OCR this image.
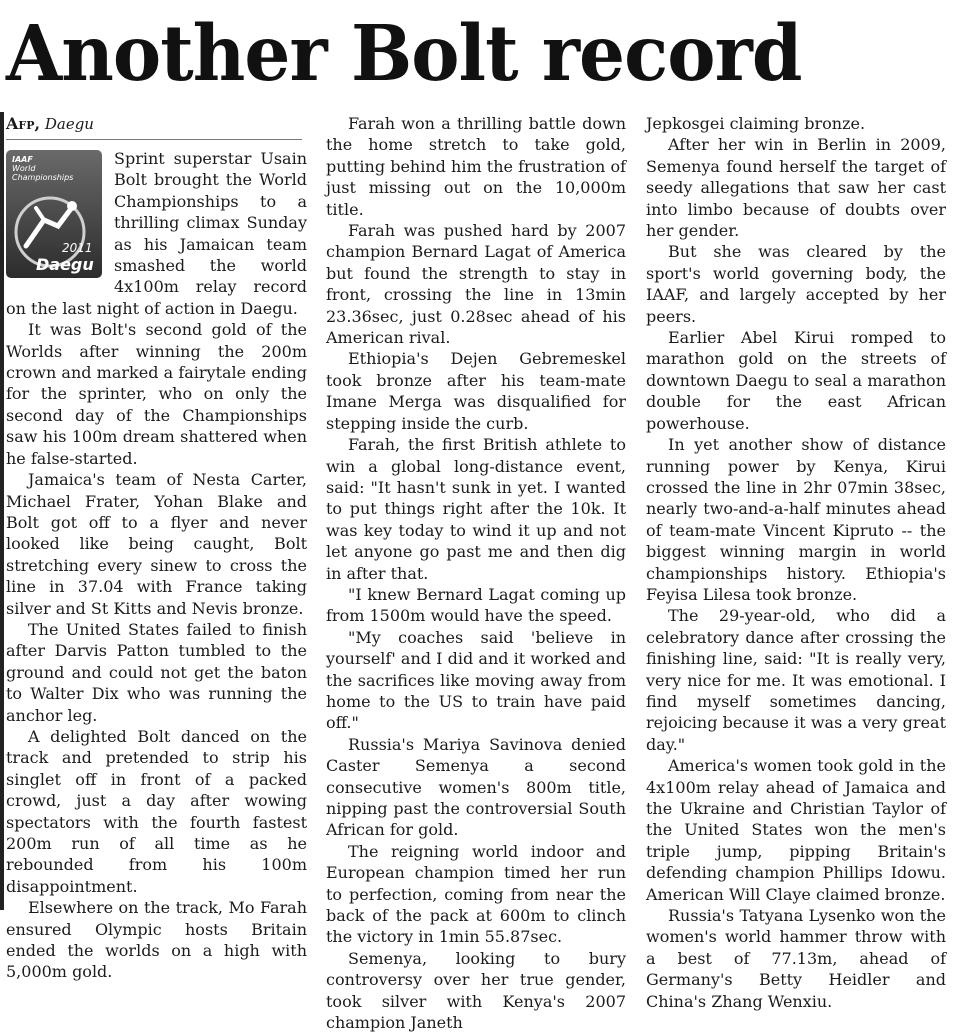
Another Bolt record
Afp, Daegu
IAAF
World
Championships
2011
Daegu

Sprint superstar Usain Bolt brought the World Championships to a thrilling climax Sunday as his Jamaican team smashed the world 4x100m relay record on the last night of action in Daegu.

It was Bolt's second gold of the Worlds after winning the 200m crown and marked a fairytale ending for the sprinter, who on only the second day of the Championships saw his 100m dream shattered when he false-started.

Jamaica's team of Nesta Carter, Michael Frater, Yohan Blake and Bolt got off to a flyer and never looked like being caught, Bolt stretching every sinew to cross the line in 37.04 with France taking silver and St Kitts and Nevis bronze.

The United States failed to finish after Darvis Patton tumbled to the ground and could not get the baton to Walter Dix who was running the anchor leg.

A delighted Bolt danced on the track and pretended to strip his singlet off in front of a packed crowd, just a day after wowing spectators with the fourth fastest 200m run of all time as he rebounded from his 100m disappointment.

Elsewhere on the track, Mo Farah ensured Olympic hosts Britain ended the worlds on a high with 5,000m gold.

Farah won a thrilling battle down the home stretch to take gold, putting behind him the frustration of just missing out on the 10,000m title.

Farah was pushed hard by 2007 champion Bernard Lagat of America but found the strength to stay in front, crossing the line in 13min 23.36sec, just 0.28sec ahead of his American rival.

Ethiopia's Dejen Gebremeskel took bronze after his team-mate Imane Merga was disqualified for stepping inside the curb.

Farah, the first British athlete to win a global long-distance event, said: "It hasn't sunk in yet. I wanted to put things right after the 10k. It was key today to wind it up and not let anyone go past me and then dig in after that.

"I knew Bernard Lagat coming up from 1500m would have the speed.

"My coaches said 'believe in yourself' and I did and it worked and the sacrifices like moving away from home to the US to train have paid off."

Russia's Mariya Savinova denied Caster Semenya a second consecutive women's 800m title, nipping past the controversial South African for gold.

The reigning world indoor and European champion timed her run to perfection, coming from near the back of the pack at 600m to clinch the victory in 1min 55.87sec.

Semenya, looking to bury controversy over her true gender, took silver with Kenya's 2007 champion Janeth

Jepkosgei claiming bronze.

After her win in Berlin in 2009, Semenya found herself the target of seedy allegations that saw her cast into limbo because of doubts over her gender.

But she was cleared by the sport's world governing body, the IAAF, and largely accepted by her peers.

Earlier Abel Kirui romped to marathon gold on the streets of downtown Daegu to seal a marathon double for the east African powerhouse.

In yet another show of distance running power by Kenya, Kirui crossed the line in 2hr 07min 38sec, nearly two-and-a-half minutes ahead of team-mate Vincent Kipruto -- the biggest winning margin in world championships history. Ethiopia's Feyisa Lilesa took bronze.

The 29-year-old, who did a celebratory dance after crossing the finishing line, said: "It is really very, very nice for me. It was emotional. I find myself sometimes dancing, rejoicing because it was a very great day."

America's women took gold in the 4x100m relay ahead of Jamaica and the Ukraine and Christian Taylor of the United States won the men's triple jump, pipping Britain's defending champion Phillips Idowu. American Will Claye claimed bronze.

Russia's Tatyana Lysenko won the women's world hammer throw with a best of 77.13m, ahead of Germany's Betty Heidler and China's Zhang Wenxiu.
